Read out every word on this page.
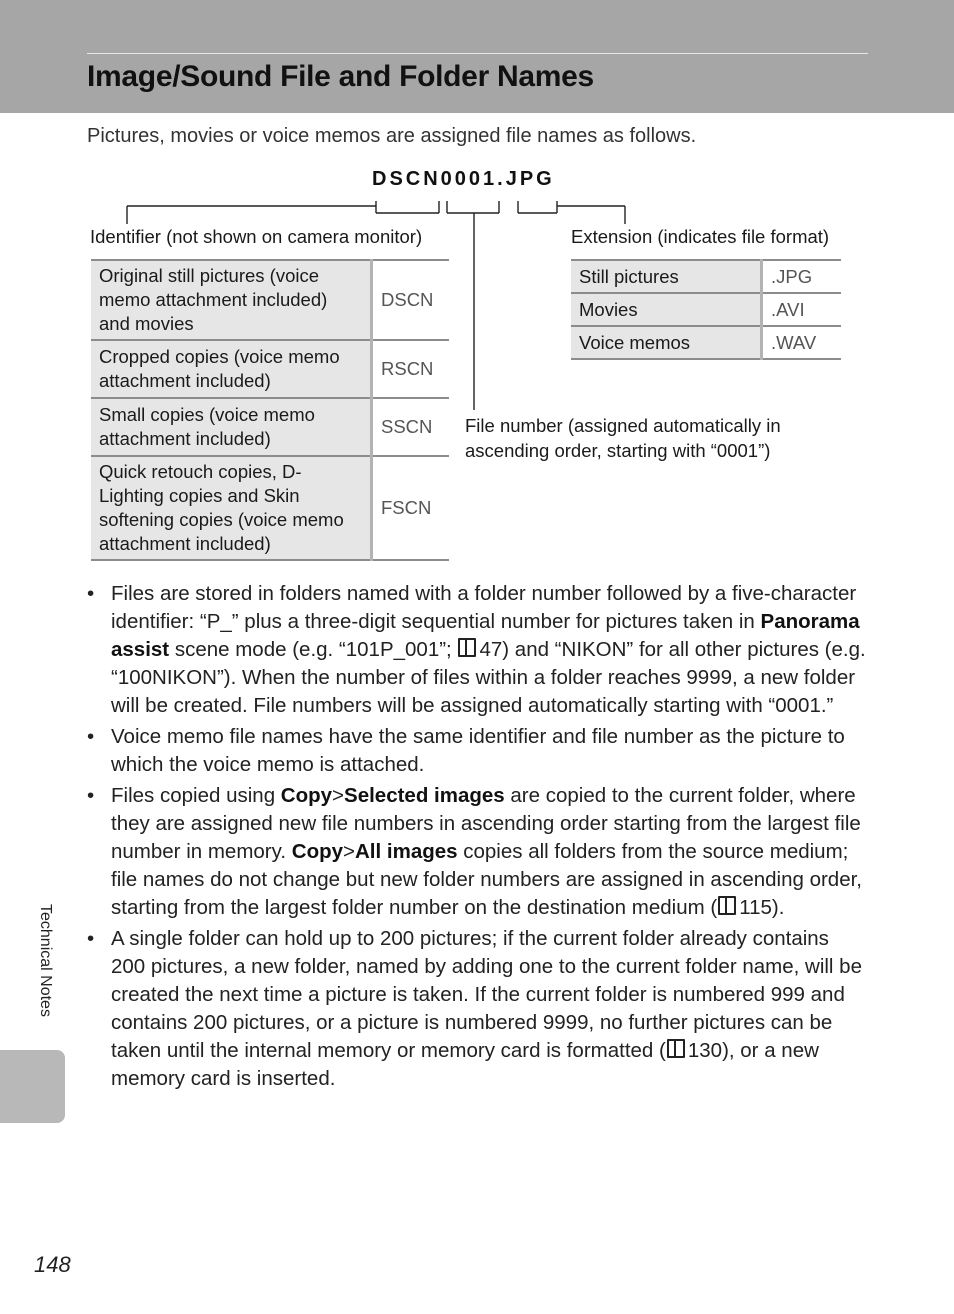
Image/Sound File and Folder Names
Pictures, movies or voice memos are assigned file names as follows.
DSCN0001.JPG
Identifier (not shown on camera monitor)	Extension (indicates file format)
File number (assigned automatically in ascending order, starting with “0001”)
Original still pictures (voice memo attachment included) and movies	DSCN
Cropped copies (voice memo attachment included)	RSCN
Small copies (voice memo attachment included)	SSCN
Quick retouch copies, D-Lighting copies and Skin softening copies (voice memo attachment included)	FSCN
Still pictures	.JPG
Movies	.AVI
Voice memos	.WAV
• Files are stored in folders named with a folder number followed by a five-character identifier: “P_” plus a three-digit sequential number for pictures taken in Panorama assist scene mode (e.g. “101P_001”; 47) and “NIKON” for all other pictures (e.g. “100NIKON”). When the number of files within a folder reaches 9999, a new folder will be created. File numbers will be assigned automatically starting with “0001.”
• Voice memo file names have the same identifier and file number as the picture to which the voice memo is attached.
• Files copied using Copy>Selected images are copied to the current folder, where they are assigned new file numbers in ascending order starting from the largest file number in memory. Copy>All images copies all folders from the source medium; file names do not change but new folder numbers are assigned in ascending order, starting from the largest folder number on the destination medium ( 115).
• A single folder can hold up to 200 pictures; if the current folder already contains 200 pictures, a new folder, named by adding one to the current folder name, will be created the next time a picture is taken. If the current folder is numbered 999 and contains 200 pictures, or a picture is numbered 9999, no further pictures can be taken until the internal memory or memory card is formatted ( 130), or a new memory card is inserted.
Technical Notes
148
